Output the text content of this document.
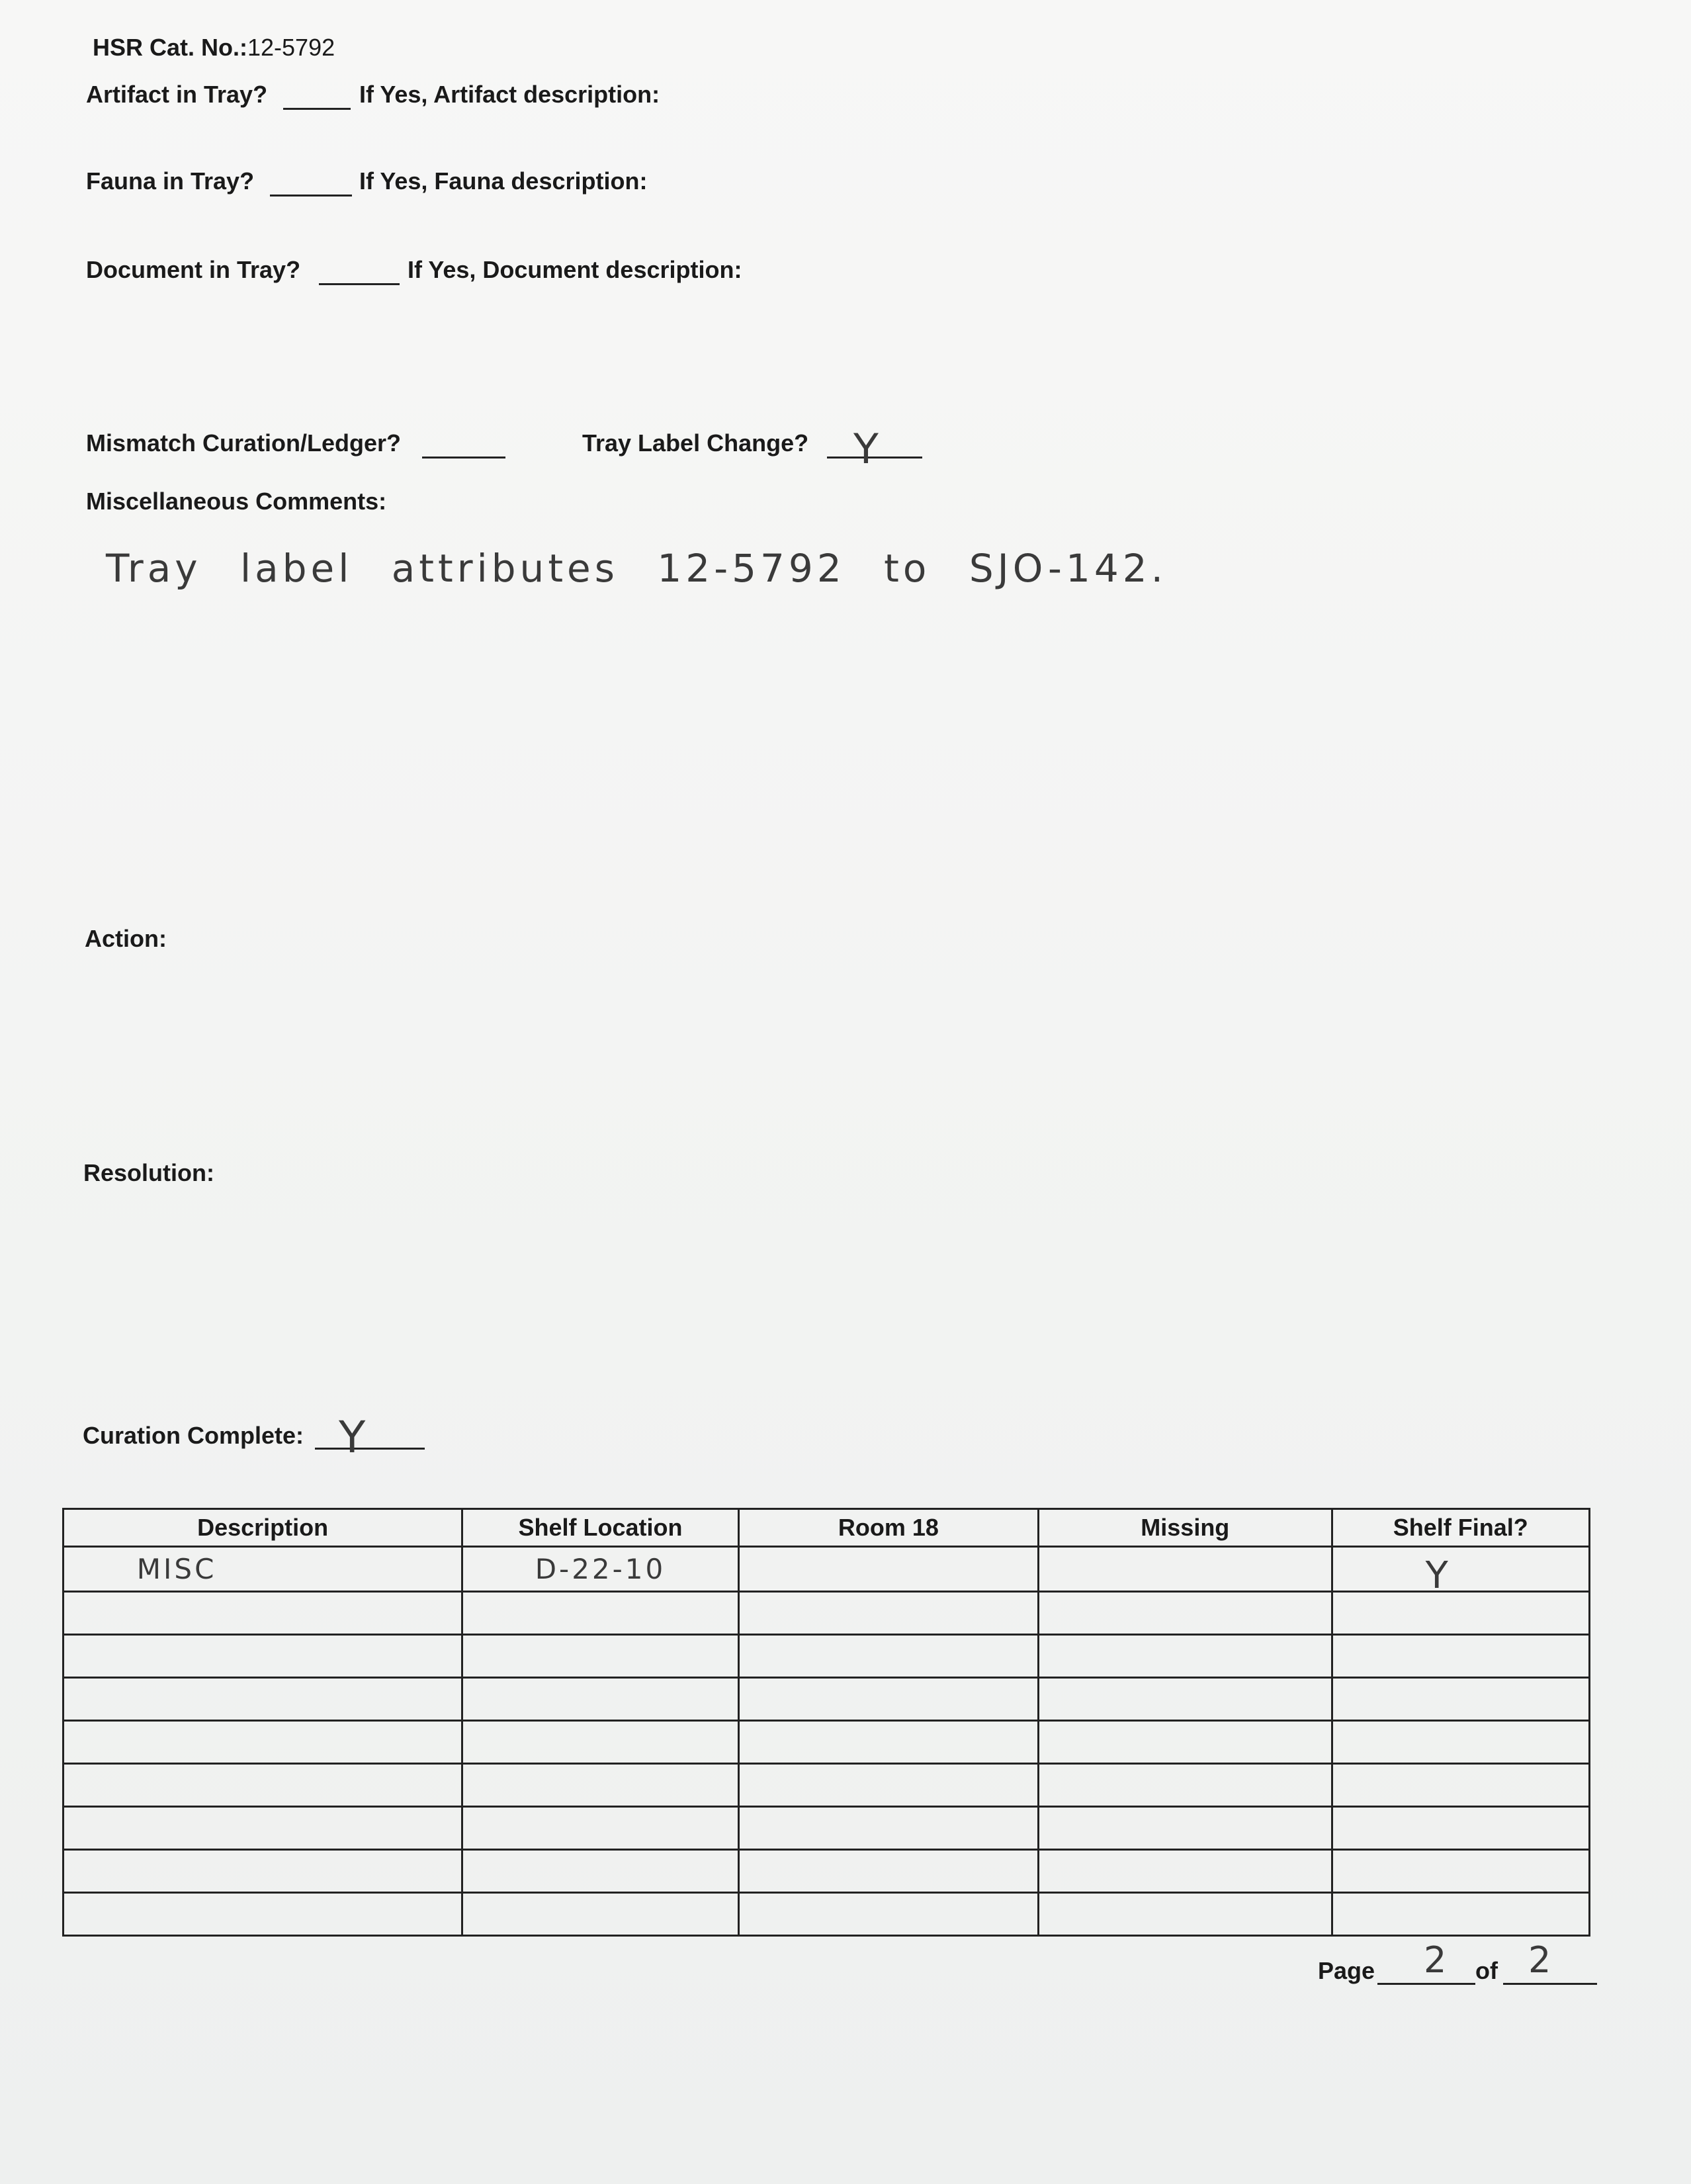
HSR Cat. No.:12-5792
Artifact in Tray?	If Yes, Artifact description:
Fauna in Tray?	If Yes, Fauna description:
Document in Tray?	If Yes, Document description:
Mismatch Curation/Ledger?	Tray Label Change? Y
Miscellaneous Comments:
Tray label attributes 12-5792 to SJO-142.
Action:
Resolution:
Curation Complete: Y
Description	Shelf Location	Room 18	Missing	Shelf Final?
MISC	D-22-10			Y

Page 2 of 2
